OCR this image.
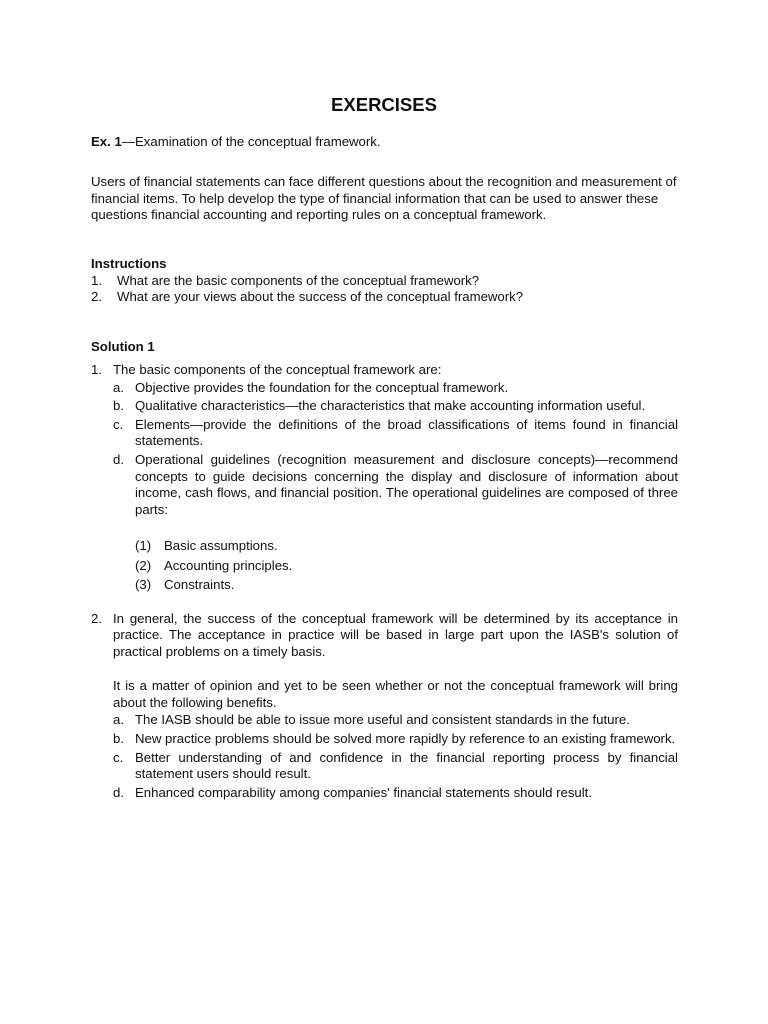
EXERCISES
Ex. 1—Examination of the conceptual framework.
Users of financial statements can face different questions about the recognition and measurement of financial items. To help develop the type of financial information that can be used to answer these questions financial accounting and reporting rules on a conceptual framework.
Instructions
1.	What are the basic components of the conceptual framework?
2.	What are your views about the success of the conceptual framework?
Solution 1
1. The basic components of the conceptual framework are:
a. Objective provides the foundation for the conceptual framework.
b. Qualitative characteristics—the characteristics that make accounting information useful.
c. Elements—provide the definitions of the broad classifications of items found in financial statements.
d. Operational guidelines (recognition measurement and disclosure concepts)—recommend concepts to guide decisions concerning the display and disclosure of information about income, cash flows, and financial position. The operational guidelines are composed of three parts:
(1) Basic assumptions.
(2) Accounting principles.
(3) Constraints.
2. In general, the success of the conceptual framework will be determined by its acceptance in practice. The acceptance in practice will be based in large part upon the IASB's solution of practical problems on a timely basis.
It is a matter of opinion and yet to be seen whether or not the conceptual framework will bring about the following benefits.
a. The IASB should be able to issue more useful and consistent standards in the future.
b. New practice problems should be solved more rapidly by reference to an existing framework.
c. Better understanding of and confidence in the financial reporting process by financial statement users should result.
d. Enhanced comparability among companies' financial statements should result.
